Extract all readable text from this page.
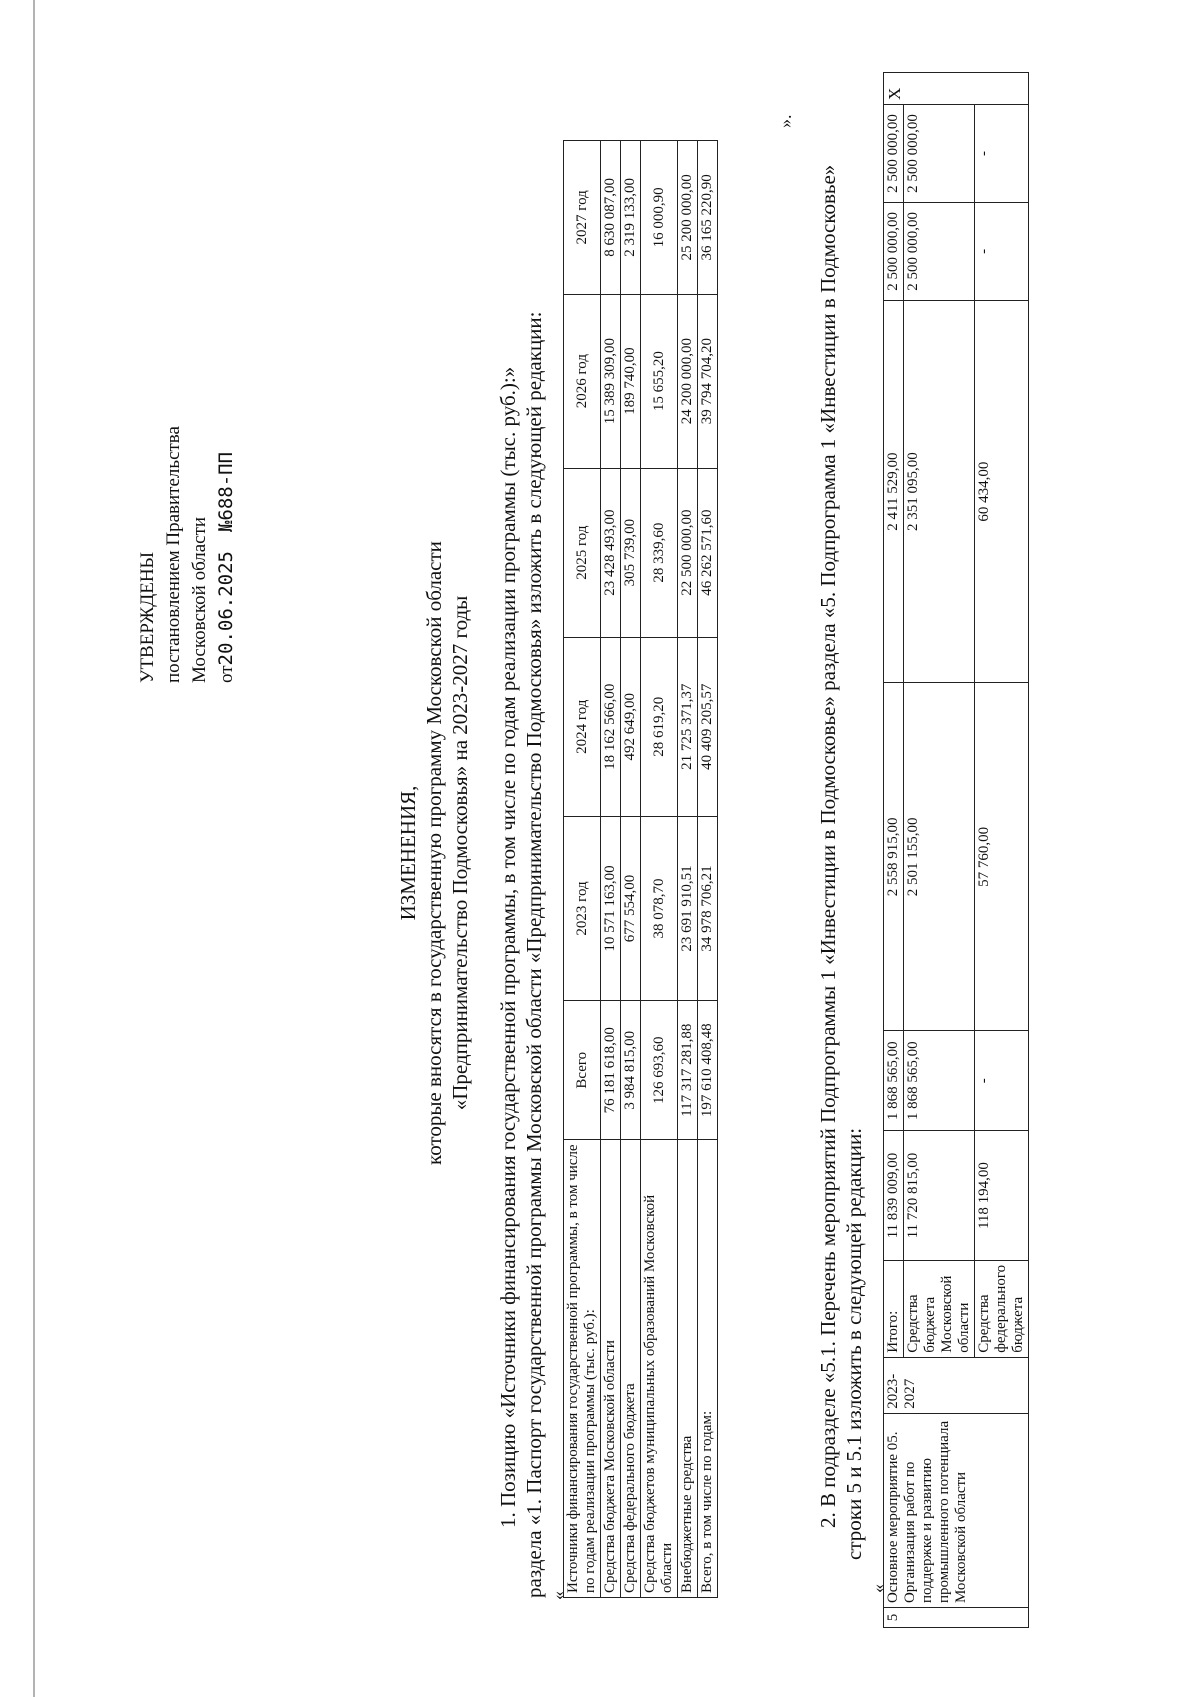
УТВЕРЖДЕНЫ постановлением Правительства Московской области от20.06.2025    №688-ПП
ИЗМЕНЕНИЯ, которые вносятся в государственную программу Московской области «Предпринимательство Подмосковья» на 2023-2027 годы 1. Позицию «Источники финансирования государственной программы, в том числе по годам реализации программы (тыс. руб.):» раздела «1. Паспорт государственной программы Московской области «Предпринимательство Подмосковья» изложить в следующей редакции: «
Источники финансирования государственной программы, в том числе по годам реализации программы (тыс. руб.):	Всего	2023 год	2024 год	2025 год	2026 год	2027 год
Средства бюджета Московской области	76 181 618,00	10 571 163,00	18 162 566,00	23 428 493,00	15 389 309,00	8 630 087,00
Средства федерального бюджета	3 984 815,00	677 554,00	492 649,00	305 739,00	189 740,00	2 319 133,00
Средства бюджетов муниципальных образований Московской области	126 693,60	38 078,70	28 619,20	28 339,60	15 655,20	16 000,90
Внебюджетные средства	117 317 281,88	23 691 910,51	21 725 371,37	22 500 000,00	24 200 000,00	25 200 000,00
Всего, в том числе по годам:	197 610 408,48	34 978 706,21	40 409 205,57	46 262 571,60	39 794 704,20	36 165 220,90
».
2. В подразделе «5.1. Перечень мероприятий Подпрограммы 1 «Инвестиции в Подмосковье» раздела «5. Подпрограмма 1 «Инвестиции в Подмосковье» строки 5 и 5.1 изложить в следующей редакции:
«
5	Основное мероприятие 05. Организация работ по поддержке и развитию промышленного потенциала Московской области	2023-2027	Итого:	11 839 009,00	1 868 565,00	2 558 915,00	2 411 529,00	2 500 000,00	2 500 000,00	X
			Средства бюджета Московской области	11 720 815,00	1 868 565,00	2 501 155,00	2 351 095,00	2 500 000,00	2 500 000,00	
			Средства федерального бюджета	118 194,00	-	57 760,00	60 434,00	-	-	
